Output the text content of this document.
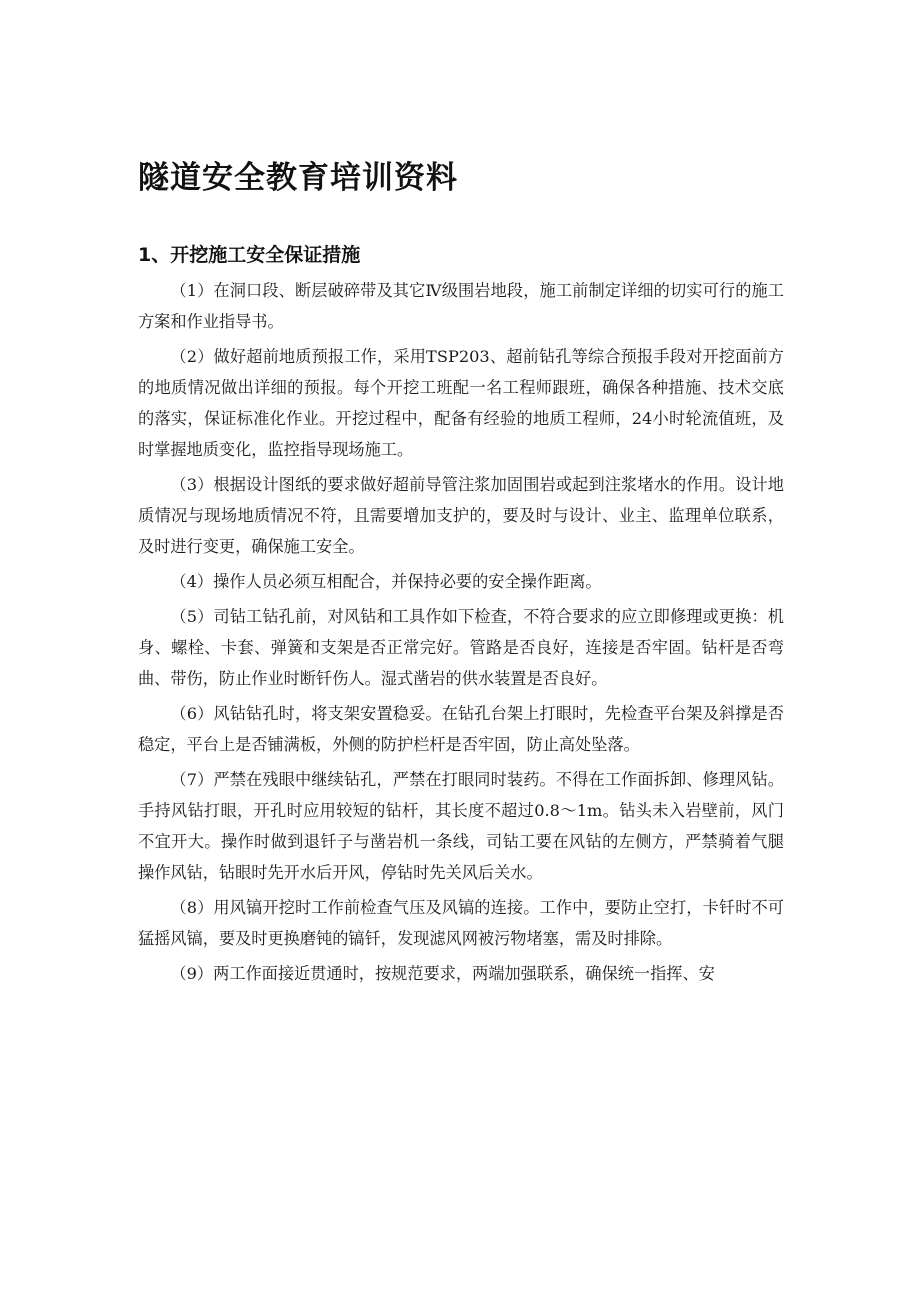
隧道安全教育培训资料
1、开挖施工安全保证措施

（1）在洞口段、断层破碎带及其它Ⅳ级围岩地段，施工前制定详细的切实可行的施工方案和作业指导书。

（2）做好超前地质预报工作，采用TSP203、超前钻孔等综合预报手段对开挖面前方的地质情况做出详细的预报。每个开挖工班配一名工程师跟班，确保各种措施、技术交底的落实，保证标准化作业。开挖过程中，配备有经验的地质工程师，24小时轮流值班，及时掌握地质变化，监控指导现场施工。

（3）根据设计图纸的要求做好超前导管注浆加固围岩或起到注浆堵水的作用。设计地质情况与现场地质情况不符，且需要增加支护的，要及时与设计、业主、监理单位联系，及时进行变更，确保施工安全。

（4）操作人员必须互相配合，并保持必要的安全操作距离。

（5）司钻工钻孔前，对风钻和工具作如下检查，不符合要求的应立即修理或更换：机身、螺栓、卡套、弹簧和支架是否正常完好。管路是否良好，连接是否牢固。钻杆是否弯曲、带伤，防止作业时断钎伤人。湿式凿岩的供水装置是否良好。

（6）风钻钻孔时，将支架安置稳妥。在钻孔台架上打眼时，先检查平台架及斜撑是否稳定，平台上是否铺满板，外侧的防护栏杆是否牢固，防止高处坠落。

（7）严禁在残眼中继续钻孔，严禁在打眼同时装药。不得在工作面拆卸、修理风钻。手持风钻打眼，开孔时应用较短的钻杆，其长度不超过0.8～1m。钻头未入岩壁前，风门不宜开大。操作时做到退钎子与凿岩机一条线，司钻工要在风钻的左侧方，严禁骑着气腿操作风钻，钻眼时先开水后开风，停钻时先关风后关水。

（8）用风镐开挖时工作前检查气压及风镐的连接。工作中，要防止空打，卡钎时不可猛摇风镐，要及时更换磨钝的镐钎，发现滤风网被污物堵塞，需及时排除。

（9）两工作面接近贯通时，按规范要求，两端加强联系，确保统一指挥、安
